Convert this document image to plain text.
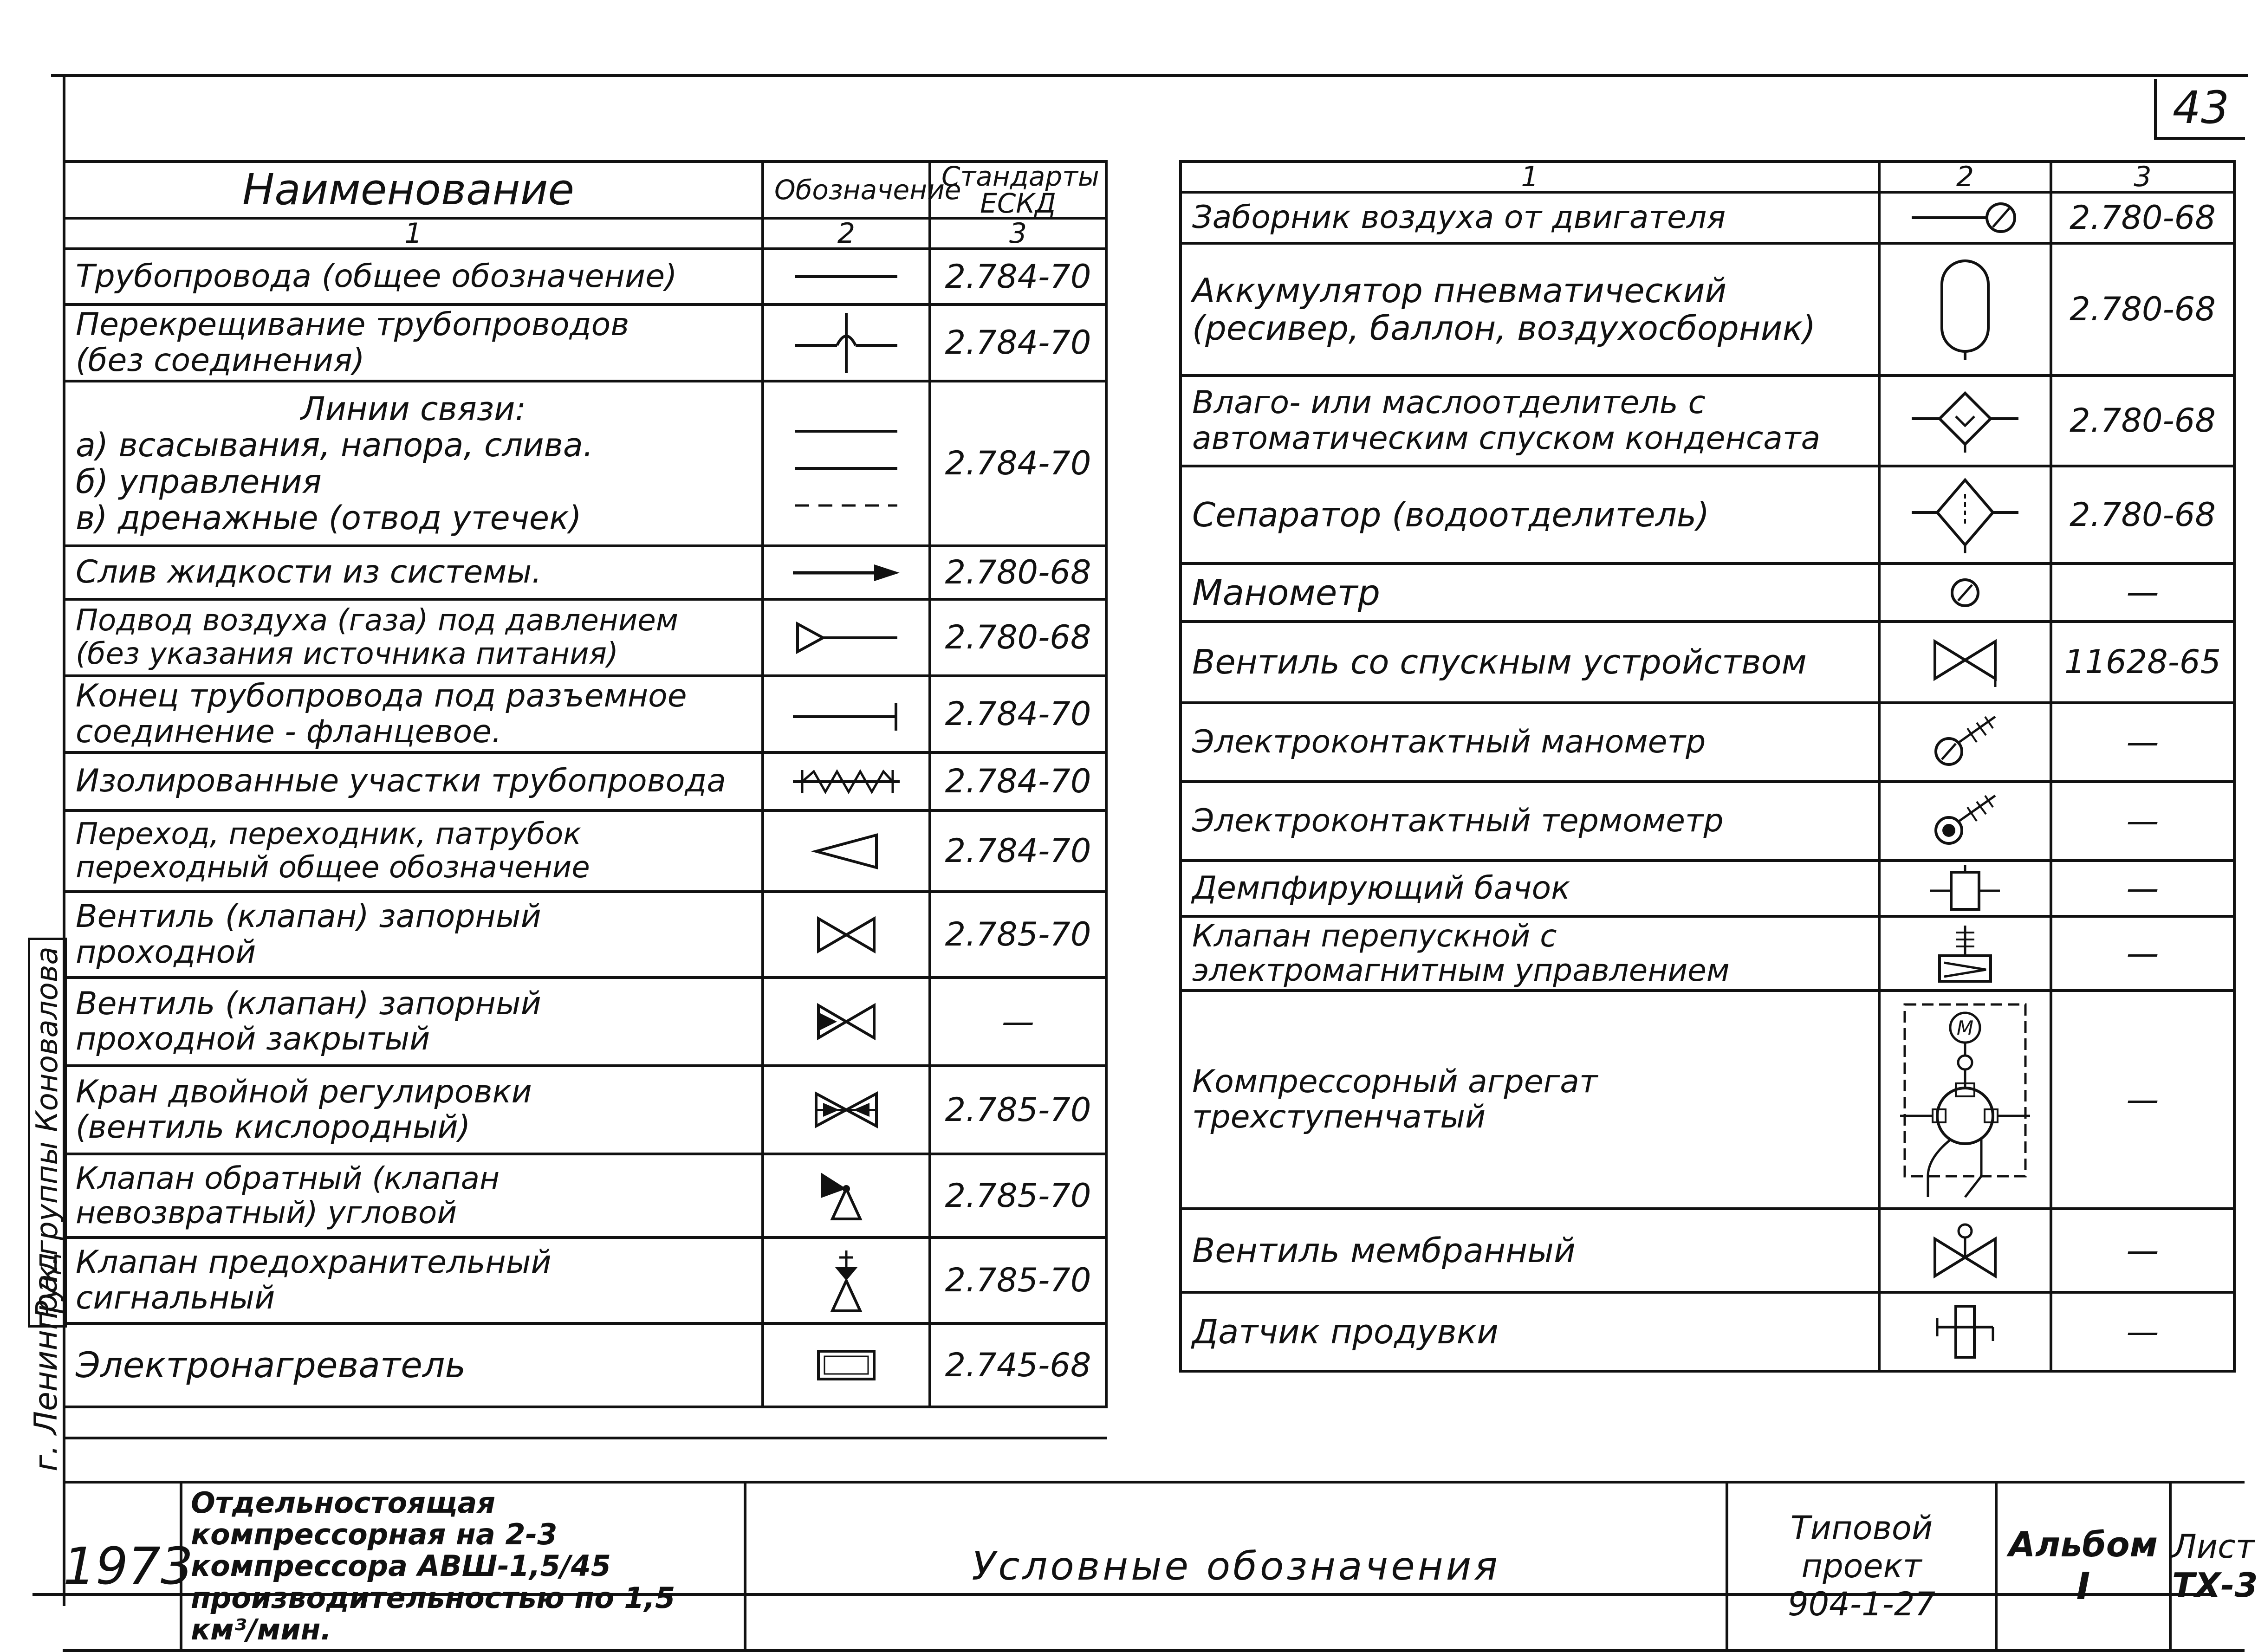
43
Рук.группы Коновалова
г. Ленинград
Наименование	Обозначение	Стандарты ЕСКД
1	2	3
Трубопровода (общее обозначение)		2.784-70
Перекрещивание трубопроводов (без соединения)		2.784-70

Линии связи:
а) всасывания, напора, слива.
б) управления
в) дренажные (отвод утечек)		2.784-70
Слив жидкости из системы.		2.780-68
Подвод воздуха (газа) под давлением (без указания источника питания)		2.780-68
Конец трубопровода под разъемное соединение - фланцевое.		2.784-70
Изолированные участки трубопровода		2.784-70
Переход, переходник, патрубок переходный общее обозначение		2.784-70
Вентиль (клапан) запорный проходной		2.785-70
Вентиль (клапан) запорный проходной закрытый		—
Кран двойной регулировки (вентиль кислородный)		2.785-70
Клапан обратный (клапан невозвратный) угловой		2.785-70
Клапан предохранительный сигнальный		2.785-70
Электронагреватель		2.745-68
1	2	3
Заборник воздуха от двигателя		2.780-68
Аккумулятор пневматический (ресивер, баллон, воздухосборник)		2.780-68
Влаго- или маслоотделитель с автоматическим спуском конденсата		2.780-68
Сепаратор (водоотделитель)		2.780-68
Манометр		—
Вентиль со спускным устройством		11628-65
Электроконтактный манометр		—
Электроконтактный термометр		—
Демпфирующий бачок		—
Клапан перепускной с электромагнитным управлением		—
Компрессорный агрегат трехступенчатый	M	—
Вентиль мембранный		—
Датчик продувки		—
1973	Отдельностоящая компрессорная на 2-3 компрессора АВШ-1,5/45 производительностью по 1,5 км³/мин.	Условные обозначения	
Типовой проект
904-1-27

Альбом
I

Лист
ТХ-3
